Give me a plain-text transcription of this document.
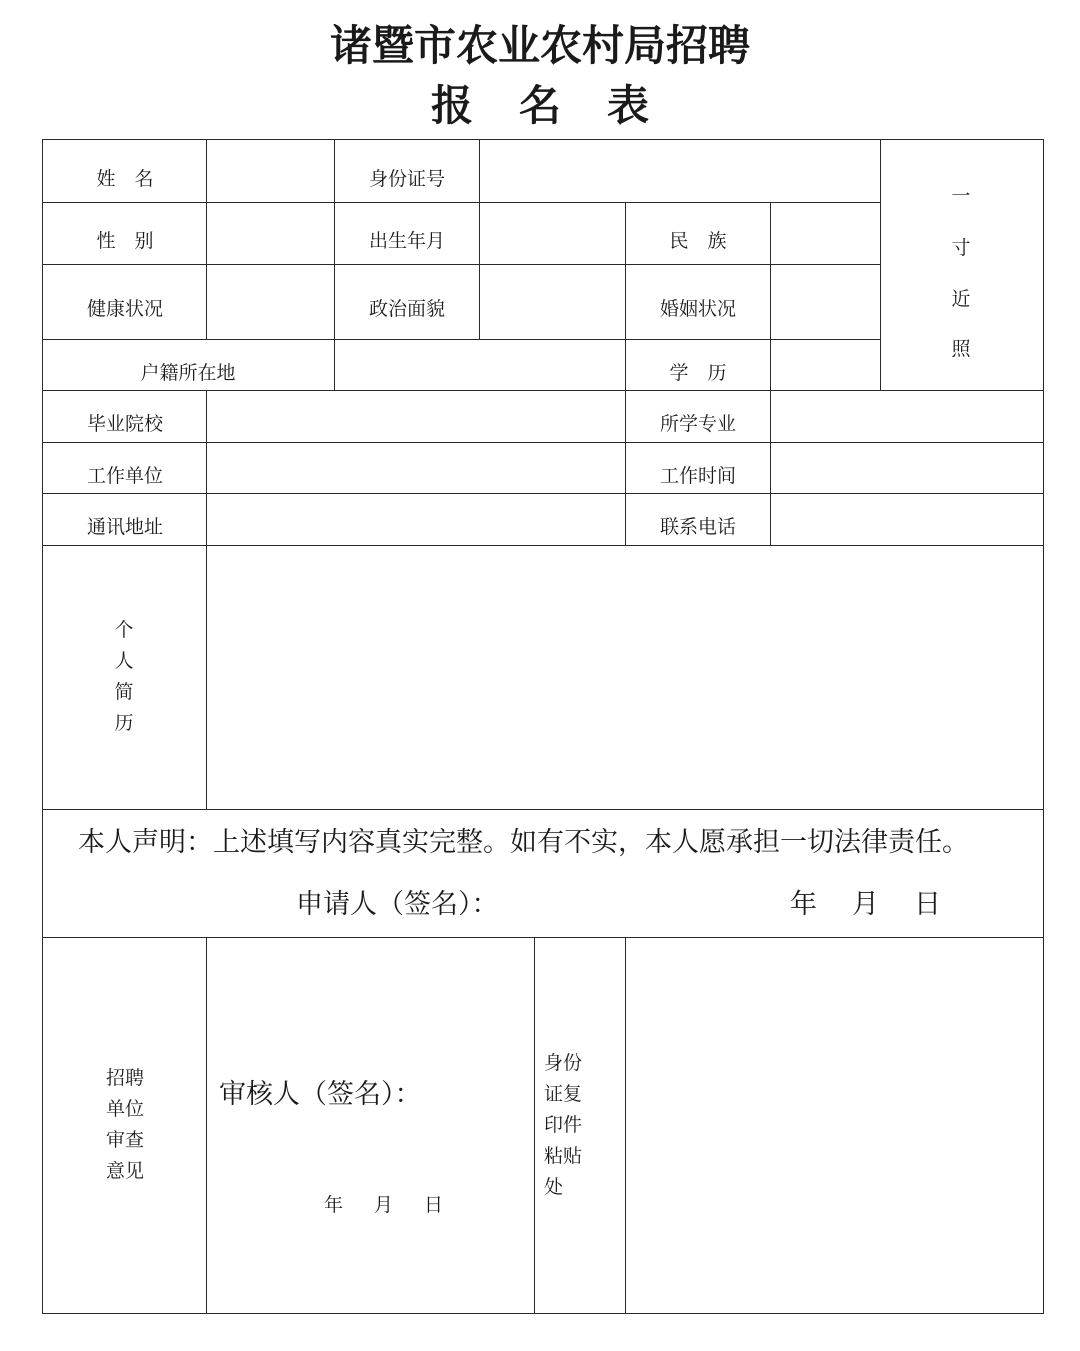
诸暨市农业农村局招聘
报名表
姓　名	身份证号
性　别	出生年月	民　族
健康状况	政治面貌	婚姻状况
户籍所在地	学　历
一
寸
近
照
毕业院校	所学专业
工作单位	工作时间
通讯地址	联系电话
个
人
简
历
本人声明：上述填写内容真实完整。如有不实，本人愿承担一切法律责任。
申请人（签名）：	年　月　日
招聘
单位
审查
意见
审核人（签名）：
年　月　日
身份
证复
印件
粘贴
处
